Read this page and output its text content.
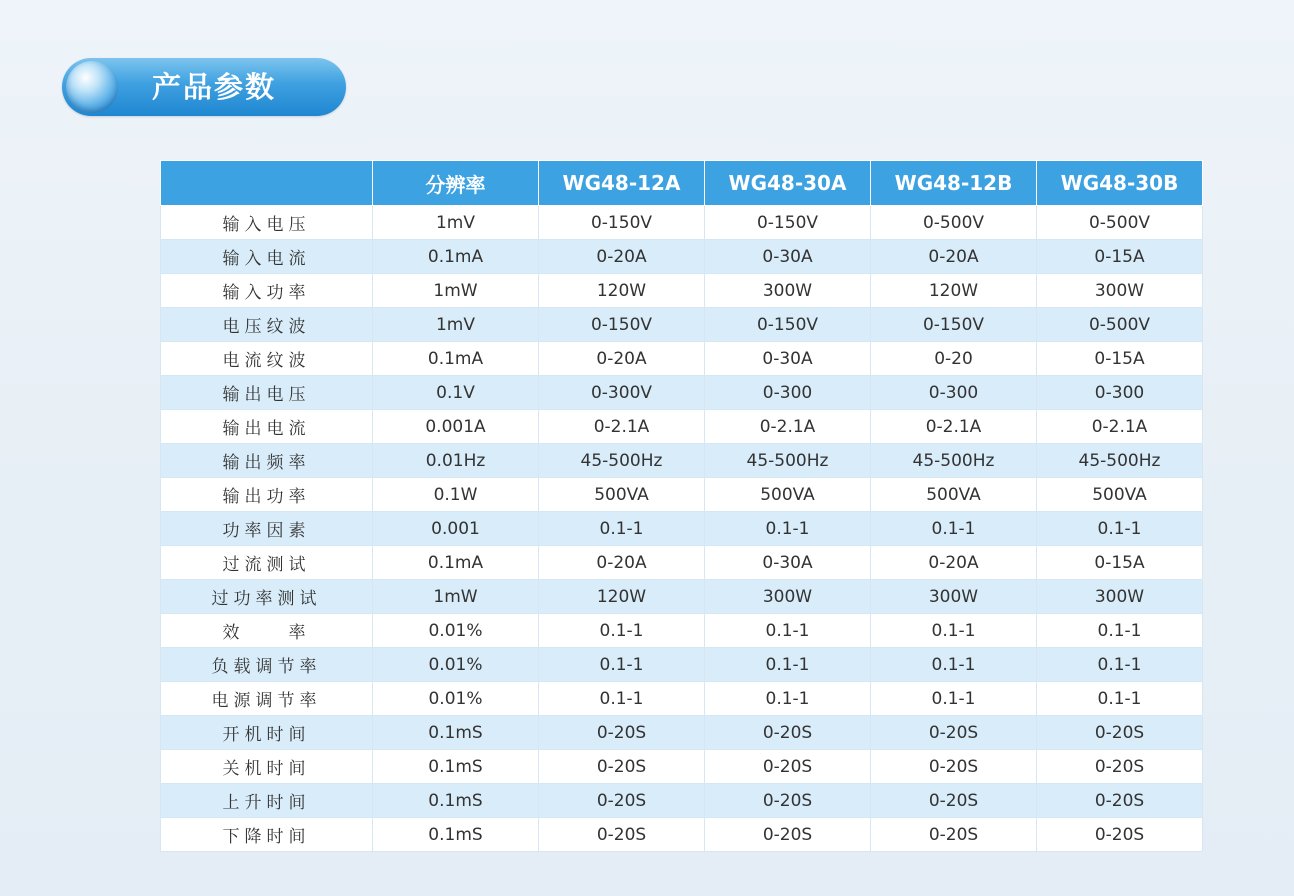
产品参数
	分辨率	WG48-12A	WG48-30A	WG48-12B	WG48-30B
输入电压	1mV	0-150V	0-150V	0-500V	0-500V
输入电流	0.1mA	0-20A	0-30A	0-20A	0-15A
输入功率	1mW	120W	300W	120W	300W
电压纹波	1mV	0-150V	0-150V	0-150V	0-500V
电流纹波	0.1mA	0-20A	0-30A	0-20	0-15A
输出电压	0.1V	0-300V	0-300	0-300	0-300
输出电流	0.001A	0-2.1A	0-2.1A	0-2.1A	0-2.1A
输出频率	0.01Hz	45-500Hz	45-500Hz	45-500Hz	45-500Hz
输出功率	0.1W	500VA	500VA	500VA	500VA
功率因素	0.001	0.1-1	0.1-1	0.1-1	0.1-1
过流测试	0.1mA	0-20A	0-30A	0-20A	0-15A
过功率测试	1mW	120W	300W	300W	300W
效　　率	0.01%	0.1-1	0.1-1	0.1-1	0.1-1
负载调节率	0.01%	0.1-1	0.1-1	0.1-1	0.1-1
电源调节率	0.01%	0.1-1	0.1-1	0.1-1	0.1-1
开机时间	0.1mS	0-20S	0-20S	0-20S	0-20S
关机时间	0.1mS	0-20S	0-20S	0-20S	0-20S
上升时间	0.1mS	0-20S	0-20S	0-20S	0-20S
下降时间	0.1mS	0-20S	0-20S	0-20S	0-20S
